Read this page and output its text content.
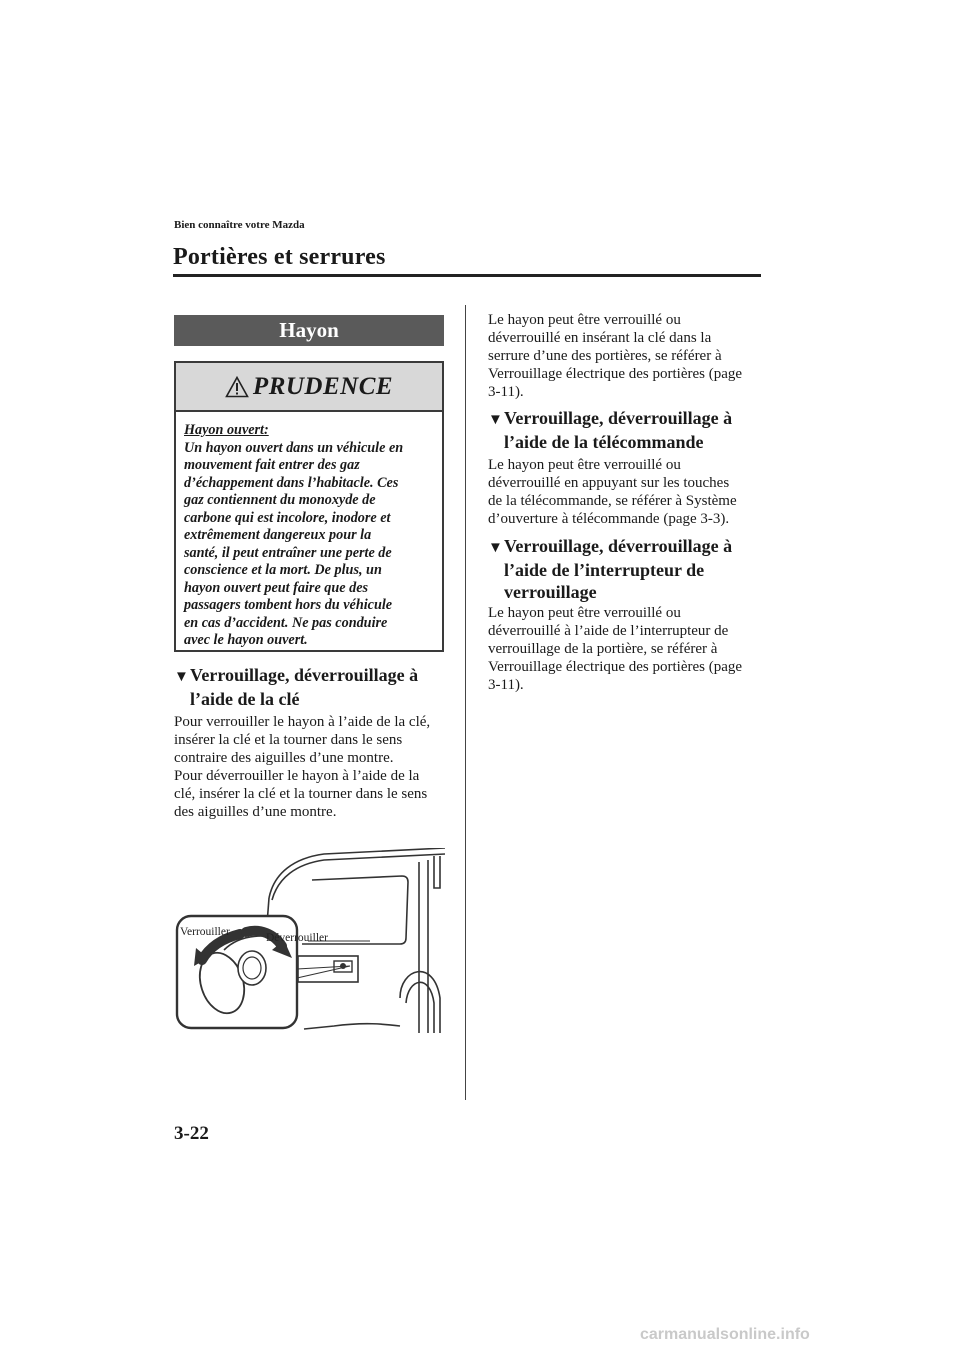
Bien connaître votre Mazda
Portières et serrures
Hayon
PRUDENCE
Hayon ouvert:
Un hayon ouvert dans un véhicule en
mouvement fait entrer des gaz
d’échappement dans l’habitacle. Ces
gaz contiennent du monoxyde de
carbone qui est incolore, inodore et
extrêmement dangereux pour la
santé, il peut entraîner une perte de
conscience et la mort. De plus, un
hayon ouvert peut faire que des
passagers tombent hors du véhicule
en cas d’accident. Ne pas conduire
avec le hayon ouvert.
▼Verrouillage, déverrouillage à
l’aide de la clé
Pour verrouiller le hayon à l’aide de la clé,
insérer la clé et la tourner dans le sens
contraire des aiguilles d’une montre.
Pour déverrouiller le hayon à l’aide de la
clé, insérer la clé et la tourner dans le sens
des aiguilles d’une montre.
Verrouiller	Déverrouiller
Le hayon peut être verrouillé ou
déverrouillé en insérant la clé dans la
serrure d’une des portières, se référer à
Verrouillage électrique des portières (page
3-11).
▼Verrouillage, déverrouillage à
l’aide de la télécommande
Le hayon peut être verrouillé ou
déverrouillé en appuyant sur les touches
de la télécommande, se référer à Système
d’ouverture à télécommande (page 3-3).
▼Verrouillage, déverrouillage à
l’aide de l’interrupteur de
verrouillage
Le hayon peut être verrouillé ou
déverrouillé à l’aide de l’interrupteur de
verrouillage de la portière, se référer à
Verrouillage électrique des portières (page
3-11).
3-22
carmanualsonline.info
